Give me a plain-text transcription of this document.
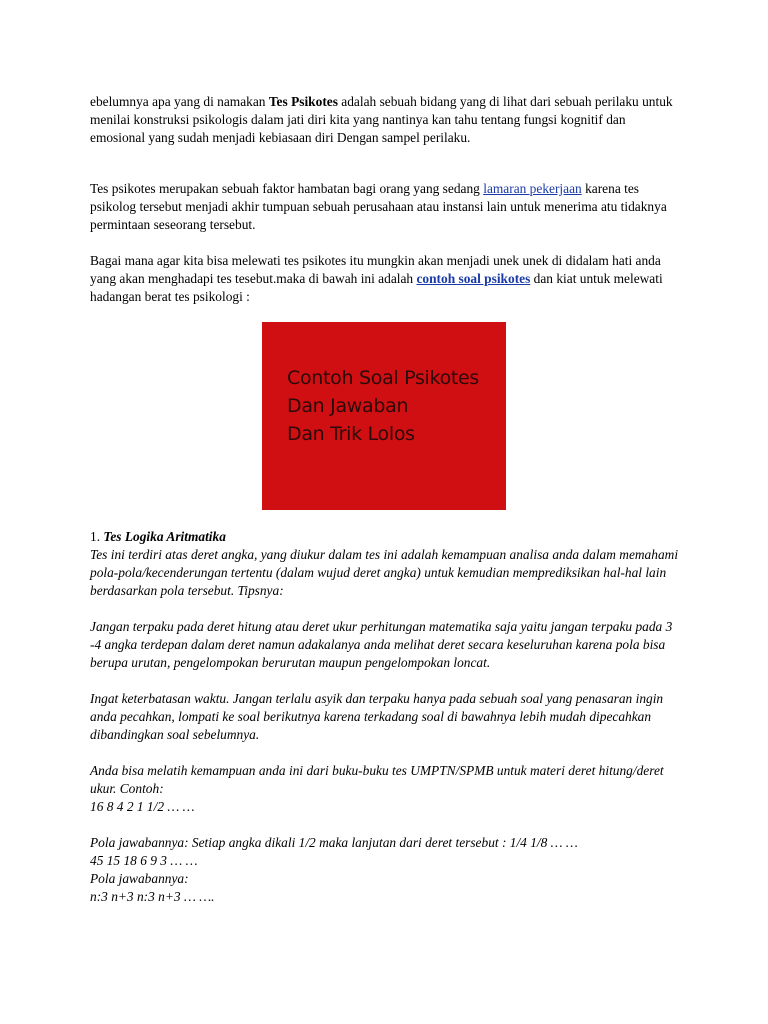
ebelumnya apa yang di namakan Tes Psikotes adalah sebuah bidang yang di lihat dari sebuah perilaku untuk menilai konstruksi psikologis dalam jati diri kita yang nantinya kan tahu tentang fungsi kognitif dan emosional yang sudah menjadi kebiasaan diri Dengan sampel perilaku.

Tes psikotes merupakan sebuah faktor hambatan bagi orang yang sedang lamaran pekerjaan karena tes psikolog tersebut menjadi akhir tumpuan sebuah perusahaan atau instansi lain untuk menerima atu tidaknya permintaan seseorang tersebut.

Bagai mana agar kita bisa melewati tes psikotes itu mungkin akan menjadi unek unek di didalam hati anda yang akan menghadapi tes tesebut.maka di bawah ini adalah contoh soal psikotes dan kiat untuk melewati hadangan berat tes psikologi :

Contoh Soal Psikotes
Dan Jawaban
Dan Trik Lolos

1. Tes Logika Aritmatika

Tes ini terdiri atas deret angka, yang diukur dalam tes ini adalah kemampuan analisa anda dalam memahami pola-pola/kecenderungan tertentu (dalam wujud deret angka) untuk kemudian memprediksikan hal-hal lain berdasarkan pola tersebut. Tipsnya:

Jangan terpaku pada deret hitung atau deret ukur perhitungan matematika saja yaitu jangan terpaku pada 3 -4 angka terdepan dalam deret namun adakalanya anda melihat deret secara keseluruhan karena pola bisa berupa urutan, pengelompokan berurutan maupun pengelompokan loncat.

Ingat keterbatasan waktu. Jangan terlalu asyik dan terpaku hanya pada sebuah soal yang penasaran ingin anda pecahkan, lompati ke soal berikutnya karena terkadang soal di bawahnya lebih mudah dipecahkan dibandingkan soal sebelumnya.

Anda bisa melatih kemampuan anda ini dari buku-buku tes UMPTN/SPMB untuk materi deret hitung/deret ukur. Contoh:

16 8 4 2 1 1/2 … …

Pola jawabannya: Setiap angka dikali 1/2 maka lanjutan dari deret tersebut : 1/4 1/8 … …

45 15 18 6 9 3 … …

Pola jawabannya:

n:3 n+3 n:3 n+3 … ….
